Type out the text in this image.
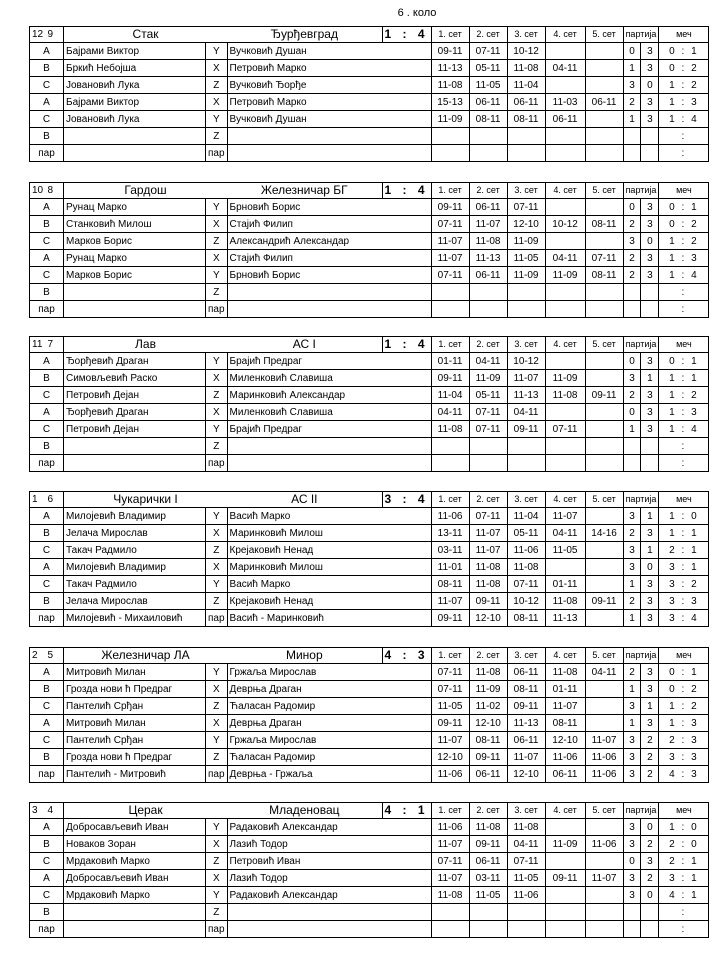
6 . коло
12	9	Стак		Ђурђевград	1 : 4	1. сет	2. сет	3. сет	4. сет	5. сет	партија		меч
A		Бајрами Виктор	Y	Вучковић Душан		09-11	07-11	10-12			0	3	0 : 1
B		Бркић Небојша	X	Петровић Марко		11-13	05-11	11-08	04-11		1	3	0 : 2
C		Јовановић Лука	Z	Вучковић Ђорђе		11-08	11-05	11-04			3	0	1 : 2
A		Бајрами Виктор	X	Петровић Марко		15-13	06-11	06-11	11-03	06-11	2	3	1 : 3
C		Јовановић Лука	Y	Вучковић Душан		11-09	08-11	08-11	06-11		1	3	1 : 4
B			Z										:
пар			пар										:
10	8	Гардош		Железничар БГ	1 : 4	1. сет	2. сет	3. сет	4. сет	5. сет	партија		меч
A		Рунац Марко	Y	Брновић Борис		09-11	06-11	07-11			0	3	0 : 1
B		Станковић Милош	X	Стајић Филип		07-11	11-07	12-10	10-12	08-11	2	3	0 : 2
C		Марков Борис	Z	Александрић Александар		11-07	11-08	11-09			3	0	1 : 2
A		Рунац Марко	X	Стајић Филип		11-07	11-13	11-05	04-11	07-11	2	3	1 : 3
C		Марков Борис	Y	Брновић Борис		07-11	06-11	11-09	11-09	08-11	2	3	1 : 4
B			Z										:
пар			пар										:
11	7	Лав		АС I	1 : 4	1. сет	2. сет	3. сет	4. сет	5. сет	партија		меч
A		Ђорђевић Драган	Y	Брајић Предраг		01-11	04-11	10-12			0	3	0 : 1
B		Симовљевић Раско	X	Миленковић Славиша		09-11	11-09	11-07	11-09		3	1	1 : 1
C		Петровић Дејан	Z	Маринковић Александар		11-04	05-11	11-13	11-08	09-11	2	3	1 : 2
A		Ђорђевић Драган	X	Миленковић Славиша		04-11	07-11	04-11			0	3	1 : 3
C		Петровић Дејан	Y	Брајић Предраг		11-08	07-11	09-11	07-11		1	3	1 : 4
B			Z										:
пар			пар										:
1	6	Чукарички I		АС II	3 : 4	1. сет	2. сет	3. сет	4. сет	5. сет	партија		меч
A		Милојевић Владимир	Y	Васић Марко		11-06	07-11	11-04	11-07		3	1	1 : 0
B		Јелача Мирослав	X	Маринковић Милош		13-11	11-07	05-11	04-11	14-16	2	3	1 : 1
C		Такач Радмило	Z	Крејаковић Ненад		03-11	11-07	11-06	11-05		3	1	2 : 1
A		Милојевић Владимир	X	Маринковић Милош		11-01	11-08	11-08			3	0	3 : 1
C		Такач Радмило	Y	Васић Марко		08-11	11-08	07-11	01-11		1	3	3 : 2
B		Јелача Мирослав	Z	Крејаковић Ненад		11-07	09-11	10-12	11-08	09-11	2	3	3 : 3
пар		Милојевић - Михаиловић	пар	Васић - Маринковић		09-11	12-10	08-11	11-13		1	3	3 : 4
2	5	Железничар ЛА		Минор	4 : 3	1. сет	2. сет	3. сет	4. сет	5. сет	партија		меч
A		Митровић Милан	Y	Гржаља Мирослав		07-11	11-08	06-11	11-08	04-11	2	3	0 : 1
B		Грозда нови ћ Предраг	X	Деврња Драган		07-11	11-09	08-11	01-11		1	3	0 : 2
C		Пантелић Срђан	Z	Ћаласан Радомир		11-05	11-02	09-11	11-07		3	1	1 : 2
A		Митровић Милан	X	Деврња Драган		09-11	12-10	11-13	08-11		1	3	1 : 3
C		Пантелић Срђан	Y	Гржаља Мирослав		11-07	08-11	06-11	12-10	11-07	3	2	2 : 3
B		Грозда нови ћ Предраг	Z	Ћаласан Радомир		12-10	09-11	11-07	11-06	11-06	3	2	3 : 3
пар		Пантелић - Митровић	пар	Деврња - Гржаља		11-06	06-11	12-10	06-11	11-06	3	2	4 : 3
3	4	Церак		Младеновац	4 : 1	1. сет	2. сет	3. сет	4. сет	5. сет	партија		меч
A		Добросављевић Иван	Y	Радаковић Александар		11-06	11-08	11-08			3	0	1 : 0
B		Новаков Зоран	X	Лазић Тодор		11-07	09-11	04-11	11-09	11-06	3	2	2 : 0
C		Мрдаковић Марко	Z	Петровић Иван		07-11	06-11	07-11			0	3	2 : 1
A		Добросављевић Иван	X	Лазић Тодор		11-07	03-11	11-05	09-11	11-07	3	2	3 : 1
C		Мрдаковић Марко	Y	Радаковић Александар		11-08	11-05	11-06			3	0	4 : 1
B			Z										:
пар			пар										:
